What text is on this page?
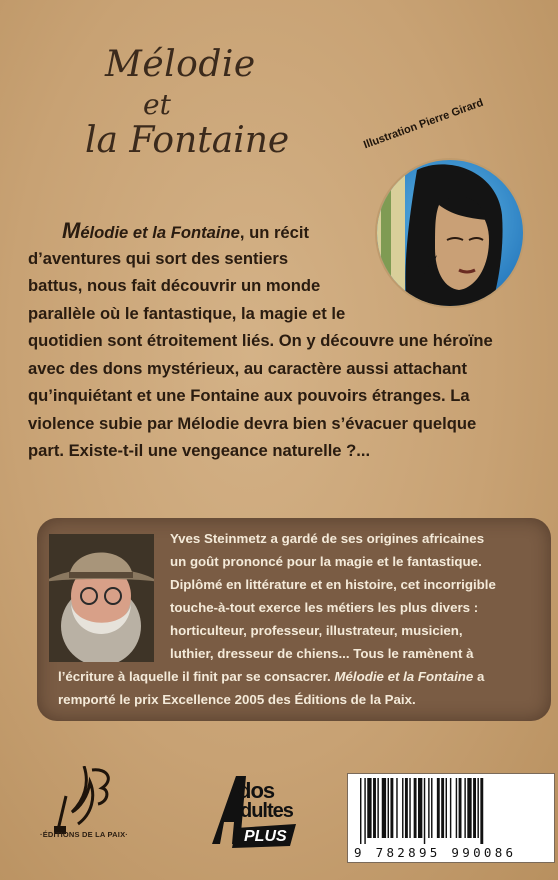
Mélodie
et
la Fontaine	Illustration Pierre Girard
Mélodie et la Fontaine, un récit
d’aventures qui sort des sentiers
battus, nous fait découvrir un monde
parallèle où le fantastique, la magie et le
quotidien sont étroitement liés. On y découvre une héroïne
avec des dons mystérieux, au caractère aussi attachant
qu’inquiétant et une Fontaine aux pouvoirs étranges. La
violence subie par Mélodie devra bien s’évacuer quelque
part. Existe-t-il une vengeance naturelle ?...
Yves Steinmetz a gardé de ses origines africaines
un goût prononcé pour la magie et le fantastique.
Diplômé en littérature et en histoire, cet incorrigible
touche-à-tout exerce les métiers les plus divers :
horticulteur, professeur, illustrateur, musicien,
luthier, dresseur de chiens... Tous le ramènent à
l’écriture à laquelle il finit par se consacrer. Mélodie et la Fontaine a
remporté le prix Excellence 2005 des Éditions de la Paix.
·ÉDITIONS DE LA PAIX·
dos
dultes
PLUS
9 782895 990086
